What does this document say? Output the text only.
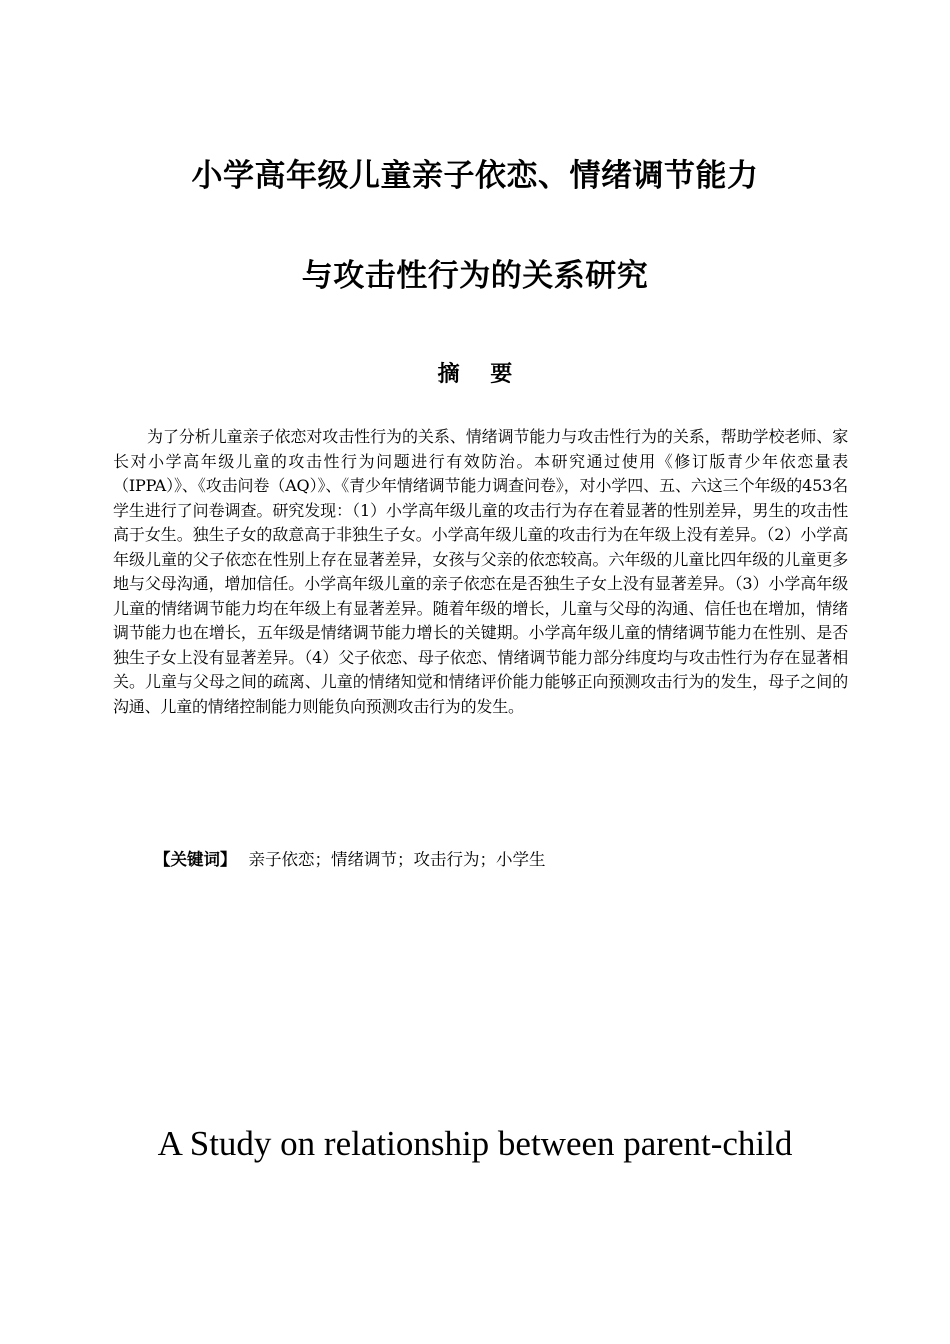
小学高年级儿童亲子依恋、情绪调节能力
与攻击性行为的关系研究
摘    要

为了分析儿童亲子依恋对攻击性行为的关系、情绪调节能力与攻击性行为的关系，帮助学校老师、家长对小学高年级儿童的攻击性行为问题进行有效防治。本研究通过使用《修订版青少年依恋量表（IPPA）》、《攻击问卷（AQ）》、《青少年情绪调节能力调查问卷》，对小学四、五、六这三个年级的453名学生进行了问卷调查。研究发现：（1）小学高年级儿童的攻击行为存在着显著的性别差异，男生的攻击性高于女生。独生子女的敌意高于非独生子女。小学高年级儿童的攻击行为在年级上没有差异。（2）小学高年级儿童的父子依恋在性别上存在显著差异，女孩与父亲的依恋较高。六年级的儿童比四年级的儿童更多地与父母沟通，增加信任。小学高年级儿童的亲子依恋在是否独生子女上没有显著差异。（3）小学高年级儿童的情绪调节能力均在年级上有显著差异。随着年级的增长，儿童与父母的沟通、信任也在增加，情绪调节能力也在增长，五年级是情绪调节能力增长的关键期。小学高年级儿童的情绪调节能力在性别、是否独生子女上没有显著差异。（4）父子依恋、母子依恋、情绪调节能力部分纬度均与攻击性行为存在显著相关。儿童与父母之间的疏离、儿童的情绪知觉和情绪评价能力能够正向预测攻击行为的发生，母子之间的沟通、儿童的情绪控制能力则能负向预测攻击行为的发生。

【关键词】 亲子依恋；情绪调节；攻击行为；小学生
A Study on relationship between parent-child
